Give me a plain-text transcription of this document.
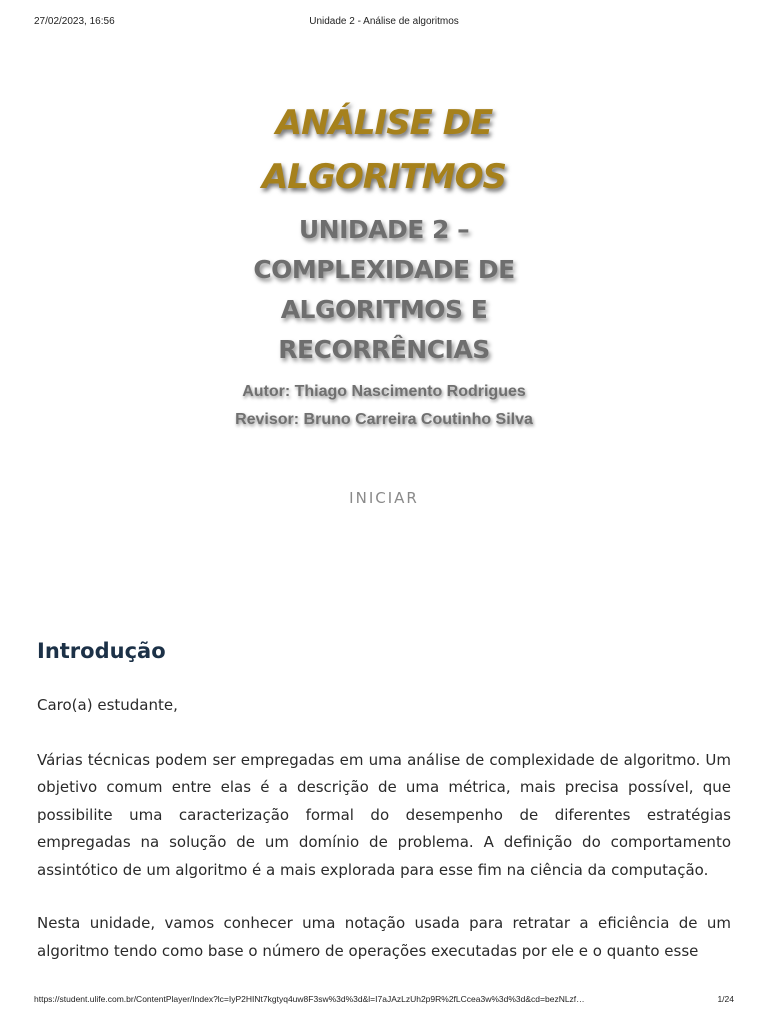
27/02/2023, 16:56	Unidade 2 - Análise de algoritmos
ANÁLISE DE ALGORITMOS
UNIDADE 2 – COMPLEXIDADE DE ALGORITMOS E RECORRÊNCIAS
Autor: Thiago Nascimento Rodrigues
Revisor: Bruno Carreira Coutinho Silva
INICIAR
Introdução

Caro(a) estudante,

Várias técnicas podem ser empregadas em uma análise de complexidade de algoritmo. Um objetivo comum entre elas é a descrição de uma métrica, mais precisa possível, que possibilite uma caracterização formal do desempenho de diferentes estratégias empregadas na solução de um domínio de problema. A definição do comportamento assintótico de um algoritmo é a mais explorada para esse fim na ciência da computação.

Nesta unidade, vamos conhecer uma notação usada para retratar a eficiência de um algoritmo tendo como base o número de operações executadas por ele e o quanto esse

https://student.ulife.com.br/ContentPlayer/Index?lc=IyP2HINt7kgtyq4uw8F3sw%3d%3d&l=I7aJAzLzUh2p9R%2fLCcea3w%3d%3d&cd=bezNLzf…	1/24
